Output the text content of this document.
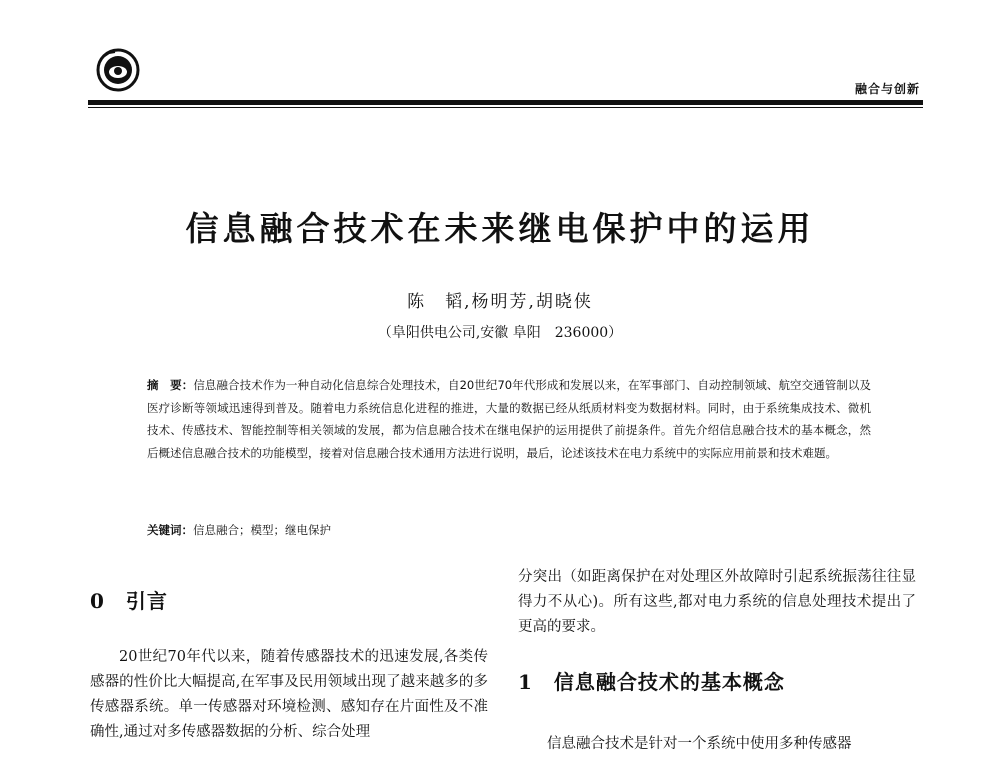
融合与创新
信息融合技术在未来继电保护中的运用
陈　韬,杨明芳,胡晓侠
（阜阳供电公司,安徽 阜阳　236000）
摘　要：信息融合技术作为一种自动化信息综合处理技术，自20世纪70年代形成和发展以来，在军事部门、自动控制领域、航空交通管制以及医疗诊断等领域迅速得到普及。随着电力系统信息化进程的推进，大量的数据已经从纸质材料变为数据材料。同时，由于系统集成技术、微机技术、传感技术、智能控制等相关领域的发展，都为信息融合技术在继电保护的运用提供了前提条件。首先介绍信息融合技术的基本概念，然后概述信息融合技术的功能模型，接着对信息融合技术通用方法进行说明，最后，论述该技术在电力系统中的实际应用前景和技术难题。
关键词：信息融合；模型；继电保护
0　引言
20世纪70年代以来，随着传感器技术的迅速发展,各类传感器的性价比大幅提高,在军事及民用领域出现了越来越多的多传感器系统。单一传感器对环境检测、感知存在片面性及不准确性,通过对多传感器数据的分析、综合处理
分突出（如距离保护在对处理区外故障时引起系统振荡往往显得力不从心)。所有这些,都对电力系统的信息处理技术提出了更高的要求。
1　信息融合技术的基本概念
信息融合技术是针对一个系统中使用多种传感器
